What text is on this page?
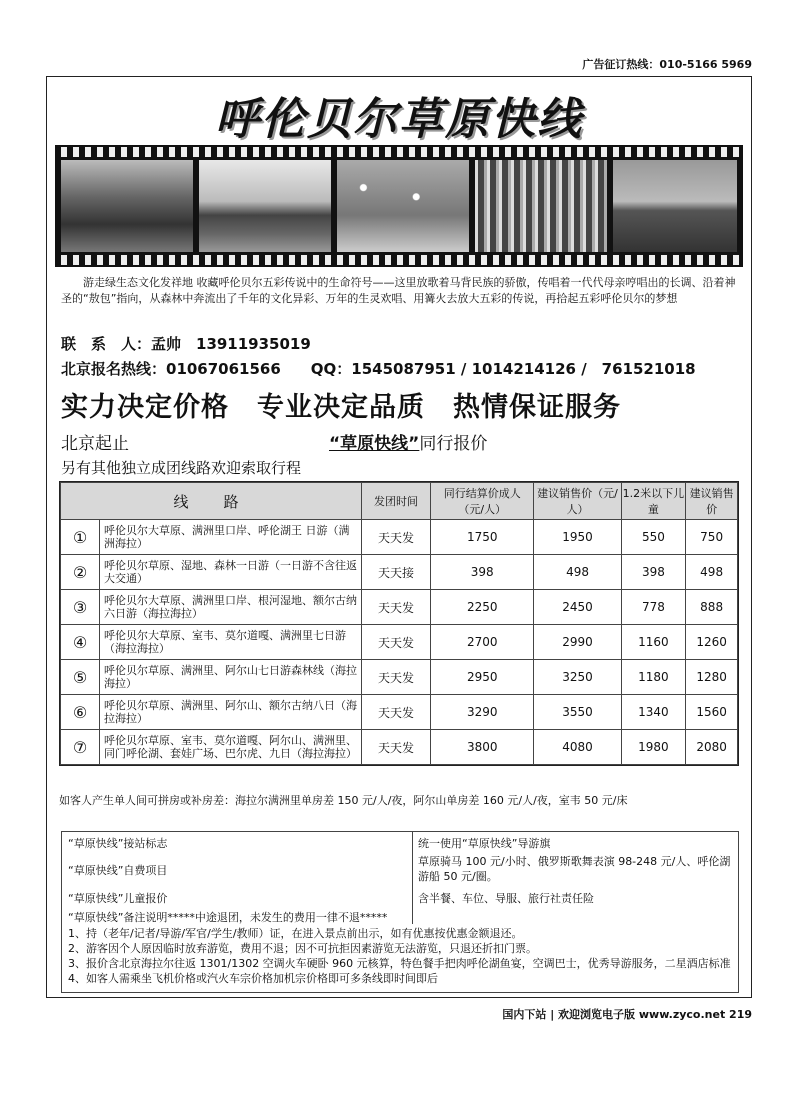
广告征订热线：010-5166 5969
呼伦贝尔草原快线
游走绿生态文化发祥地 收藏呼伦贝尔五彩传说中的生命符号——这里放歌着马背民族的骄傲，传唱着一代代母亲哼唱出的长调、沿着神圣的“敖包”指向，从森林中奔流出了千年的文化异彩、万年的生灵欢唱、用篝火去放大五彩的传说，再拾起五彩呼伦贝尔的梦想
联　系　人：孟帅　13911935019
北京报名热线：01067061566　　QQ：1545087951 / 1014214126 /　761521018
实力决定价格　专业决定品质　热情保证服务
北京起止	“草原快线”同行报价
另有其他独立成团线路欢迎索取行程
线　路		发团时间	同行结算价成人（元/人）	建议销售价（元/人）	1.2米以下儿童	建议销售价
①	呼伦贝尔大草原、满洲里口岸、呼伦湖王 日游（满洲海拉）	天天发	1750	1950	550	750
②	呼伦贝尔草原、湿地、森林一日游（一日游不含往返大交通）	天天接	398	498	398	498
③	呼伦贝尔大草原、满洲里口岸、根河湿地、额尔古纳六日游（海拉海拉）	天天发	2250	2450	778	888
④	呼伦贝尔大草原、室韦、莫尔道嘎、满洲里七日游（海拉海拉）	天天发	2700	2990	1160	1260
⑤	呼伦贝尔草原、满洲里、阿尔山七日游森林线（海拉海拉）	天天发	2950	3250	1180	1280
⑥	呼伦贝尔草原、满洲里、阿尔山、额尔古纳八日（海拉海拉）	天天发	3290	3550	1340	1560
⑦	呼伦贝尔草原、室韦、莫尔道嘎、阿尔山、满洲里、同门呼伦湖、套娃广场、巴尔虎、九日（海拉海拉）	天天发	3800	4080	1980	2080
如客人产生单人间可拼房或补房差：海拉尔满洲里单房差 150 元/人/夜，阿尔山单房差 160 元/人/夜，室韦 50 元/床
“草原快线”接站标志
“草原快线”自费项目
“草原快线”儿童报价
统一使用“草原快线”导游旗
草原骑马 100 元/小时、俄罗斯歌舞表演 98-248 元/人、呼伦湖游船 50 元/圈。
含半餐、车位、导服、旅行社责任险
“草原快线”备注说明*****中途退团，未发生的费用一律不退*****
1、持（老年/记者/导游/军官/学生/教师）证，在进入景点前出示，如有优惠按优惠金额退还。
2、游客因个人原因临时放弃游览，费用不退；因不可抗拒因素游览无法游览，只退还折扣门票。
3、报价含北京海拉尔往返 1301/1302 空调火车硬卧 960 元核算，特色餐手把肉呼伦湖鱼宴，空调巴士，优秀导游服务，二星酒店标准
4、如客人需乘坐飞机价格或汽火车宗价格加机宗价格即可多条线即时间即后
国内下站 | 欢迎浏览电子版 www.zyco.net 219
